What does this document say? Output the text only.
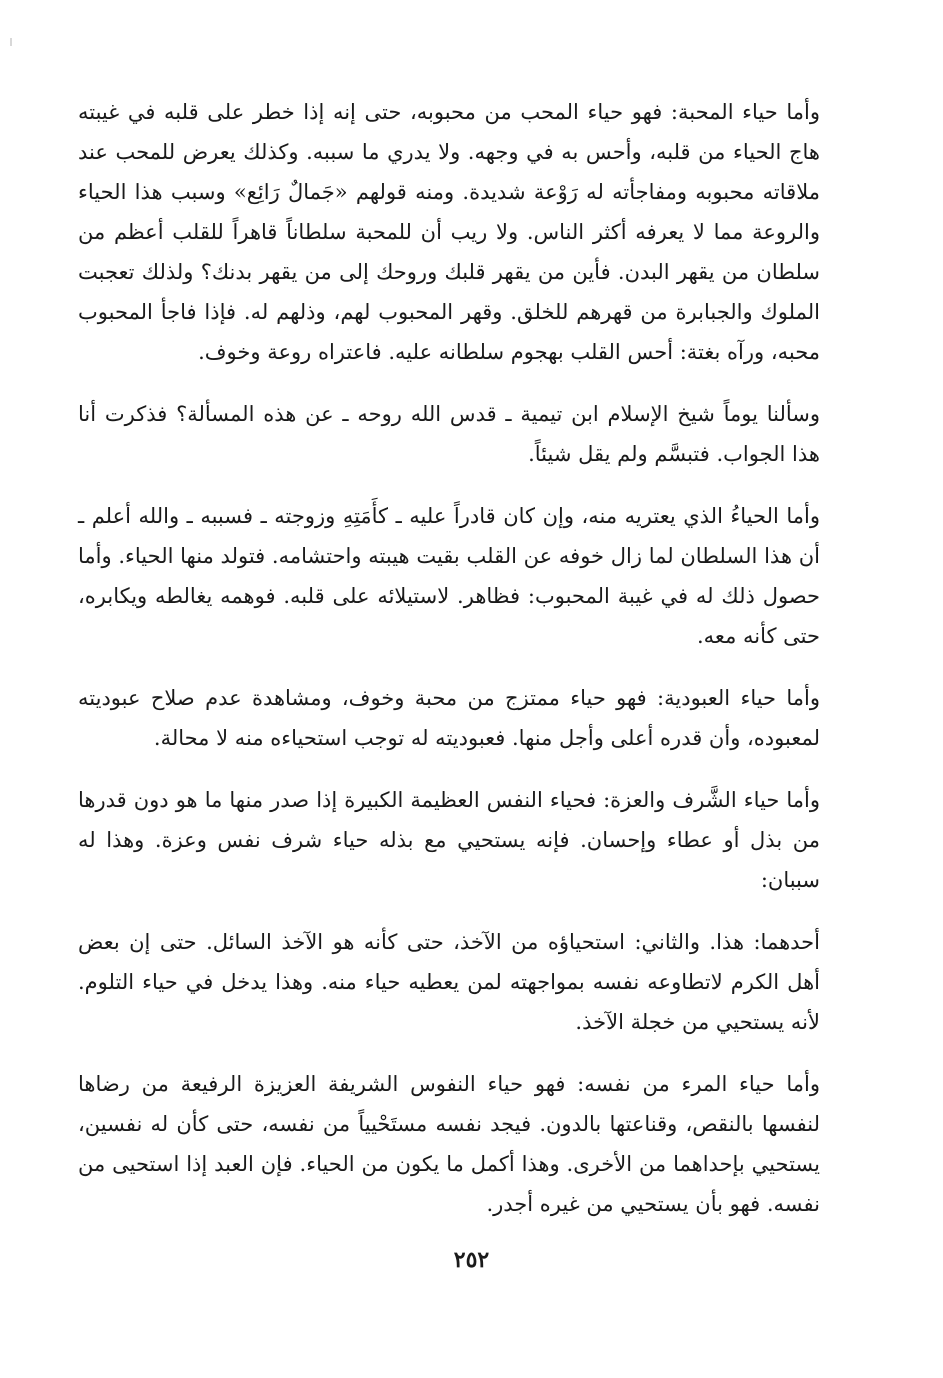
وأما حياء المحبة: فهو حياء المحب من محبوبه، حتى إنه إذا خطر على قلبه في غيبته هاج الحياء من قلبه، وأحس به في وجهه. ولا يدري ما سببه. وكذلك يعرض للمحب عند ملاقاته محبوبه ومفاجأته له رَوْعة شديدة. ومنه قولهم «جَمالٌ رَائِع» وسبب هذا الحياء والروعة مما لا يعرفه أكثر الناس. ولا ريب أن للمحبة سلطاناً قاهراً للقلب أعظم من سلطان من يقهر البدن. فأين من يقهر قلبك وروحك إلى من يقهر بدنك؟ ولذلك تعجبت الملوك والجبابرة من قهرهم للخلق. وقهر المحبوب لهم، وذلهم له. فإذا فاجأ المحبوب محبه، ورآه بغتة: أحس القلب بهجوم سلطانه عليه. فاعتراه روعة وخوف.

وسألنا يوماً شيخ الإسلام ابن تيمية ـ قدس الله روحه ـ عن هذه المسألة؟ فذكرت أنا هذا الجواب. فتبسَّم ولم يقل شيئاً.

وأما الحياءُ الذي يعتريه منه، وإن كان قادراً عليه ـ كأَمَتِهِ وزوجته ـ فسببه ـ والله أعلم ـ أن هذا السلطان لما زال خوفه عن القلب بقيت هيبته واحتشامه. فتولد منها الحياء. وأما حصول ذلك له في غيبة المحبوب: فظاهر. لاستيلائه على قلبه. فوهمه يغالطه ويكابره، حتى كأنه معه.

وأما حياء العبودية: فهو حياء ممتزج من محبة وخوف، ومشاهدة عدم صلاح عبوديته لمعبوده، وأن قدره أعلى وأجل منها. فعبوديته له توجب استحياءه منه لا محالة.

وأما حياء الشَّرف والعزة: فحياء النفس العظيمة الكبيرة إذا صدر منها ما هو دون قدرها من بذل أو عطاء وإحسان. فإنه يستحيي مع بذله حياء شرف نفس وعزة. وهذا له سببان:

أحدهما: هذا. والثاني: استحياؤه من الآخذ، حتى كأنه هو الآخذ السائل. حتى إن بعض أهل الكرم لاتطاوعه نفسه بمواجهته لمن يعطيه حياء منه. وهذا يدخل في حياء التلوم. لأنه يستحيي من خجلة الآخذ.

وأما حياء المرء من نفسه: فهو حياء النفوس الشريفة العزيزة الرفيعة من رضاها لنفسها بالنقص، وقناعتها بالدون. فيجد نفسه مستَحْيياً من نفسه، حتى كأن له نفسين، يستحيي بإحداهما من الأخرى. وهذا أكمل ما يكون من الحياء. فإن العبد إذا استحيى من نفسه. فهو بأن يستحيي من غيره أجدر.

٢٥٢
